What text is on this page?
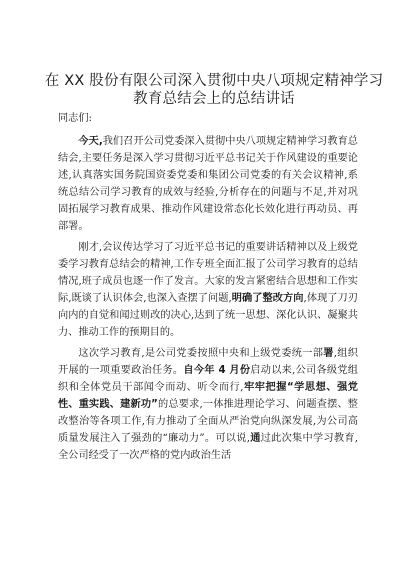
在 XX 股份有限公司深入贯彻中央八项规定精神学习教育总结会上的总结讲话

同志们:

今天,我们召开公司党委深入贯彻中央八项规定精神学习教育总结会,主要任务是深入学习贯彻习近平总书记关于作风建设的重要论述,认真落实国务院国资委党委和集团公司党委的有关会议精神,系统总结公司学习教育的成效与经验,分析存在的问题与不足,并对巩固拓展学习教育成果、推动作风建设常态化长效化进行再动员、再部署。

刚才,会议传达学习了习近平总书记的重要讲话精神以及上级党委学习教育总结会的精神,工作专班全面汇报了公司学习教育的总结情况,班子成员也逐一作了发言。大家的发言紧密结合思想和工作实际,既谈了认识体会,也深入查摆了问题,明确了整改方向,体现了刀刃向内的自觉和闻过则改的决心,达到了统一思想、深化认识、凝聚共力、推动工作的预期目的。

这次学习教育,是公司党委按照中央和上级党委统一部署,组织开展的一项重要政治任务。自今年 4 月份启动以来,公司各级党组织和全体党员干部闻令而动、听令而行,牢牢把握“学思想、强党性、重实践、建新功”的总要求,一体推进理论学习、问题查摆、整改整治等各项工作,有力推动了全面从严治党向纵深发展,为公司高质量发展注入了强劲的“廉动力”。可以说,通过此次集中学习教育,全公司经受了一次严格的党内政治生活
